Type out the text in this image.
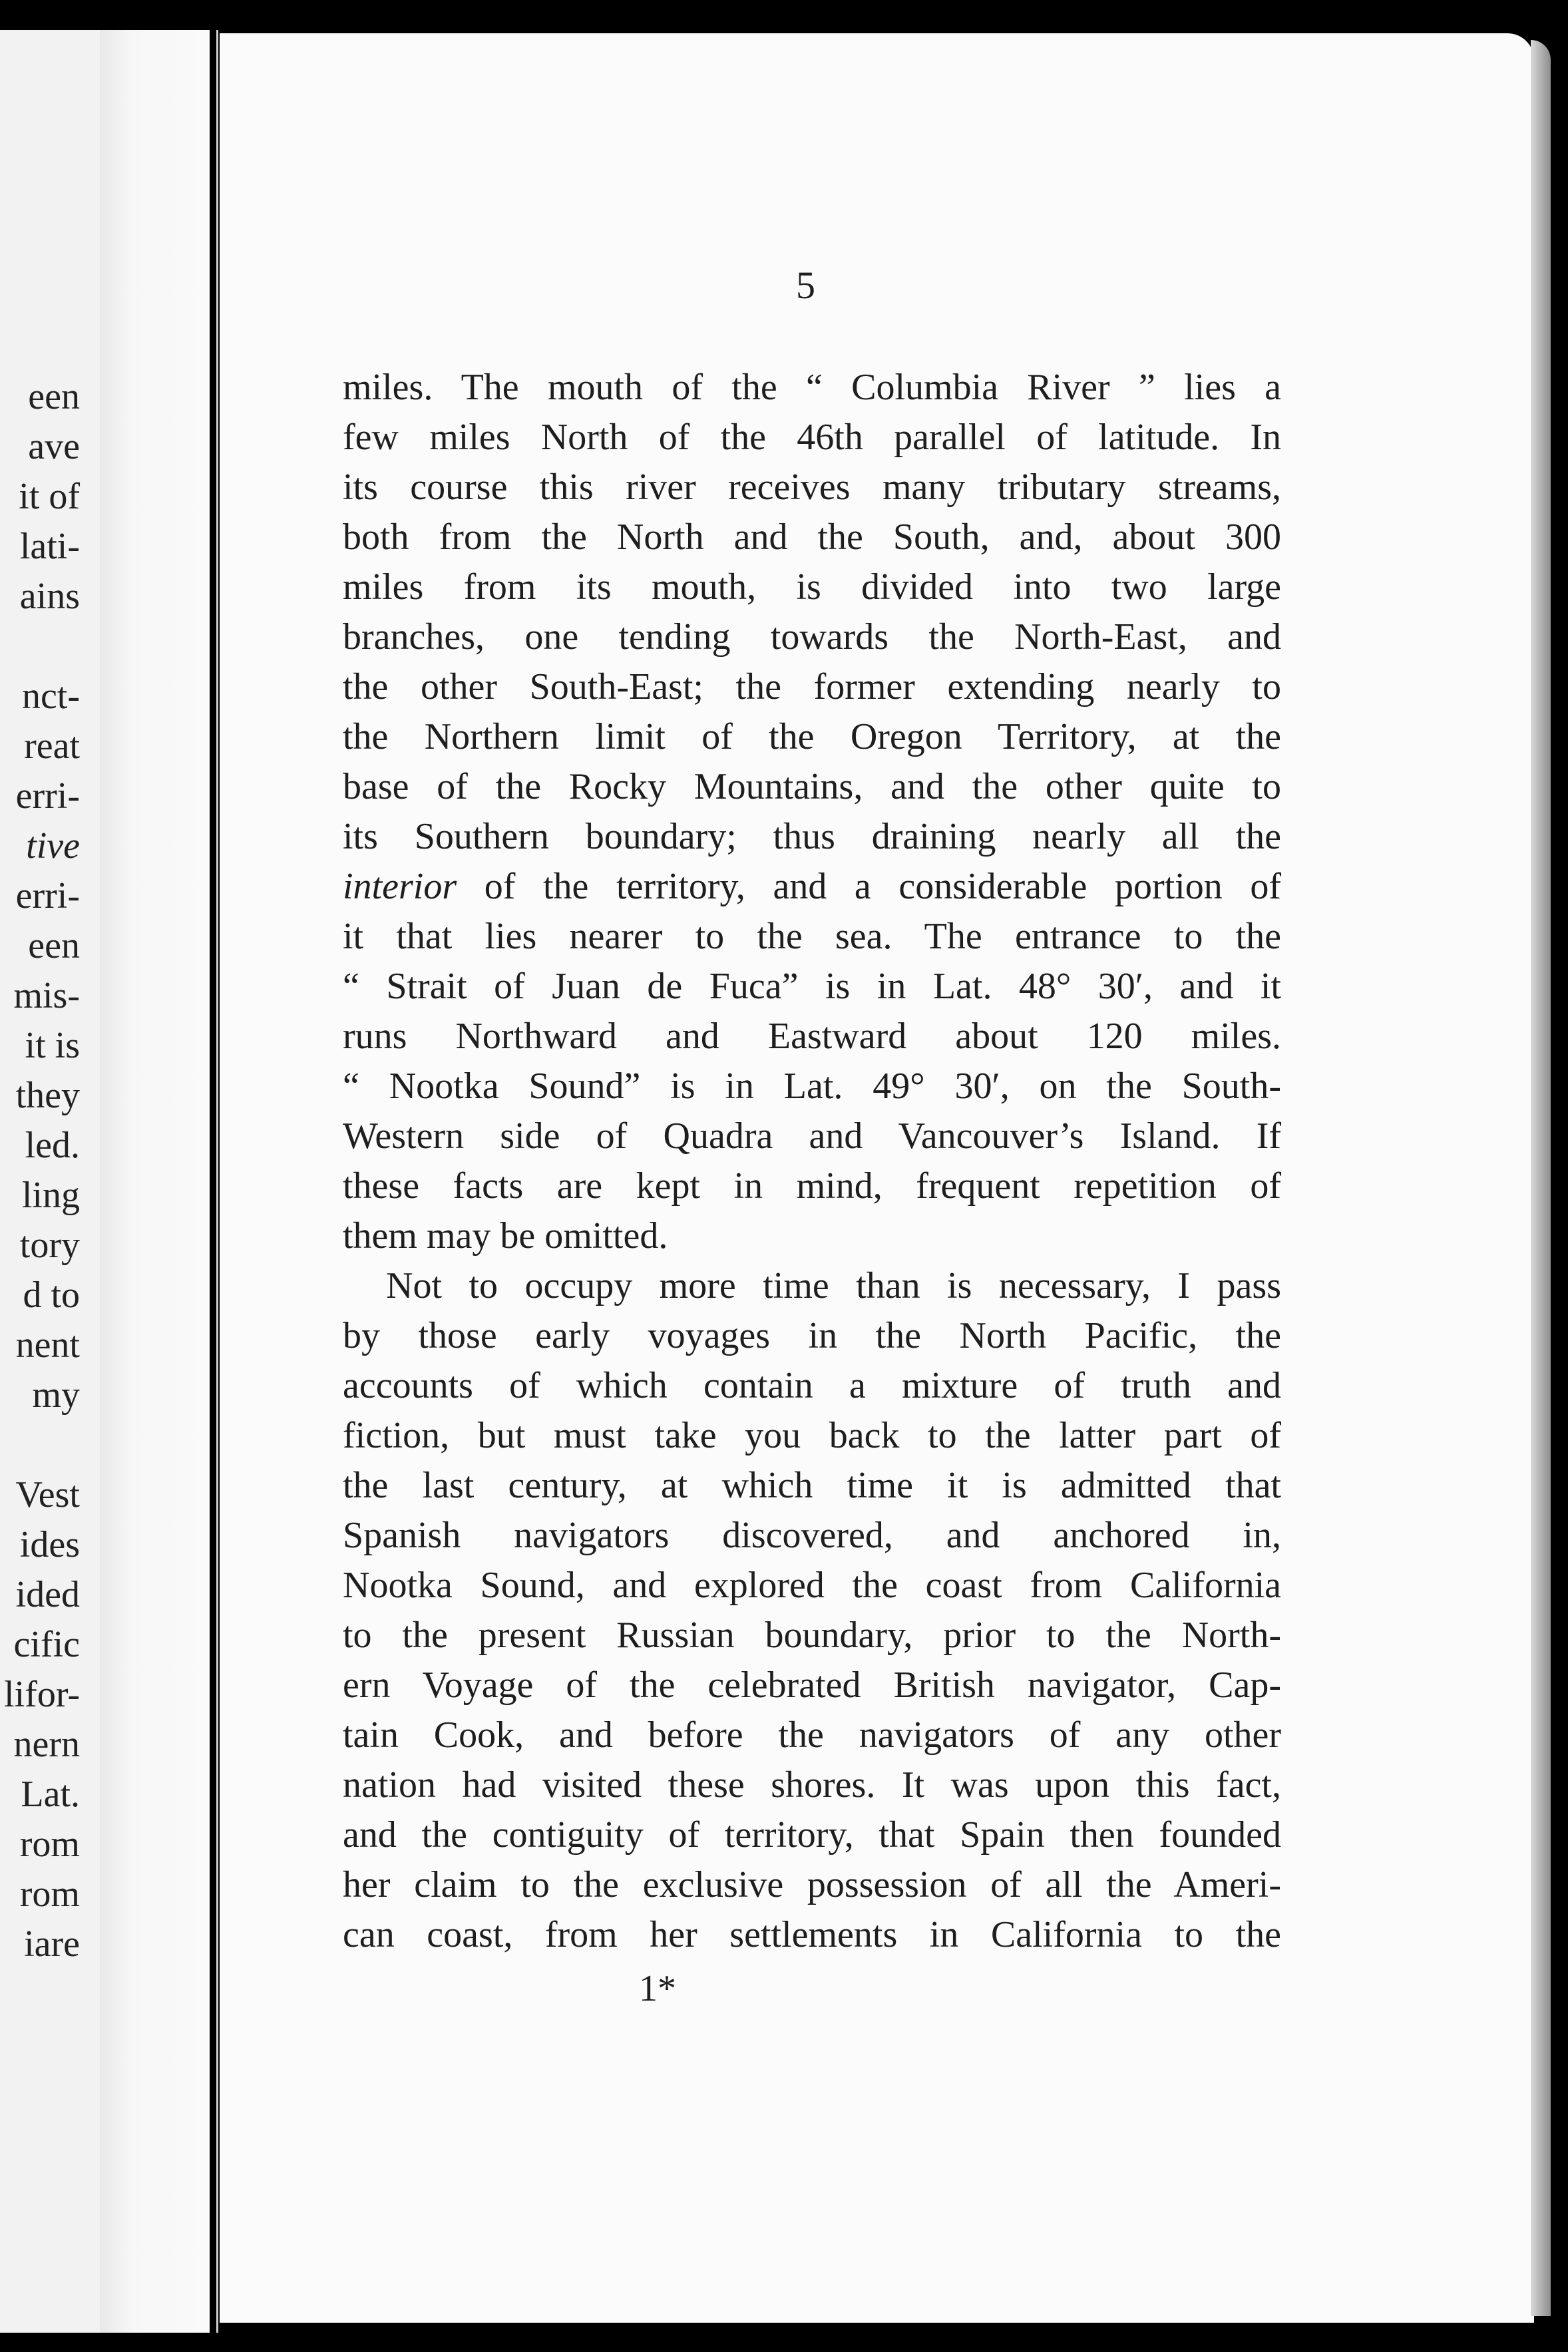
een
ave
it of
lati-
ains
nct-
reat
erri-
tive
erri-
een
mis-
it is
they
led.
ling
tory
d to
nent
my
Vest
ides
ided
cific
lifor-
nern
Lat.
rom
rom
iare
5
miles. The mouth of the “ Columbia River ” lies a
few miles North of the 46th parallel of latitude. In
its course this river receives many tributary streams,
both from the North and the South, and, about 300
miles from its mouth, is divided into two large
branches, one tending towards the North-East, and
the other South-East; the former extending nearly to
the Northern limit of the Oregon Territory, at the
base of the Rocky Mountains, and the other quite to
its Southern boundary; thus draining nearly all the
interior of the territory, and a considerable portion of
it that lies nearer to the sea. The entrance to the
“ Strait of Juan de Fuca” is in Lat. 48° 30′, and it
runs Northward and Eastward about 120 miles.
“ Nootka Sound” is in Lat. 49° 30′, on the South-
Western side of Quadra and Vancouver’s Island. If
these facts are kept in mind, frequent repetition of
them may be omitted.
Not to occupy more time than is necessary, I pass
by those early voyages in the North Pacific, the
accounts of which contain a mixture of truth and
fiction, but must take you back to the latter part of
the last century, at which time it is admitted that
Spanish navigators discovered, and anchored in,
Nootka Sound, and explored the coast from California
to the present Russian boundary, prior to the North-
ern Voyage of the celebrated British navigator, Cap-
tain Cook, and before the navigators of any other
nation had visited these shores. It was upon this fact,
and the contiguity of territory, that Spain then founded
her claim to the exclusive possession of all the Ameri-
can coast, from her settlements in California to the
1*
